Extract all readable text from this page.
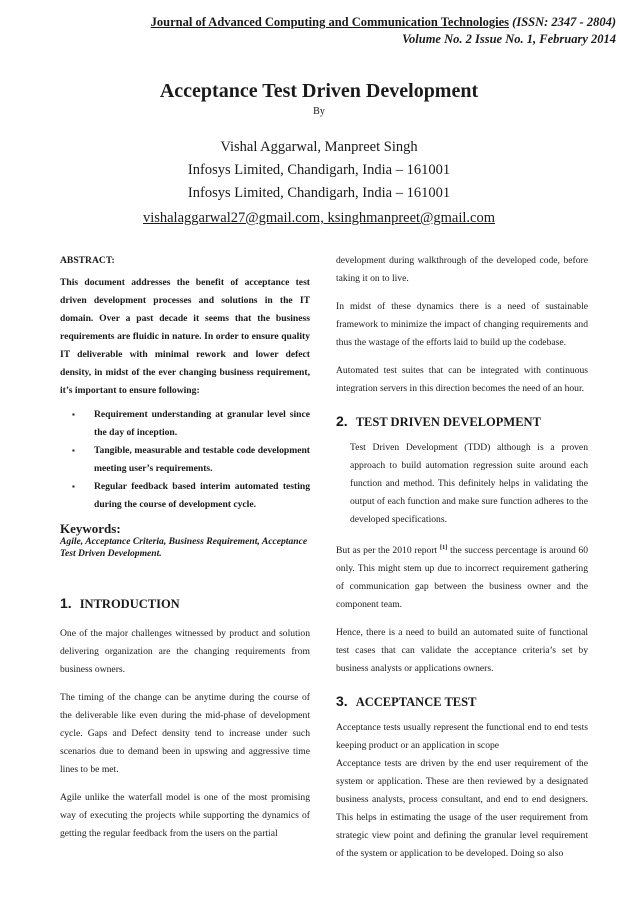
Journal of Advanced Computing and Communication Technologies (ISSN: 2347 - 2804)
Volume No. 2 Issue No. 1, February 2014
Acceptance Test Driven Development
By
Vishal Aggarwal, Manpreet Singh
Infosys Limited, Chandigarh, India – 161001
Infosys Limited, Chandigarh, India – 161001
vishalaggarwal27@gmail.com, ksinghmanpreet@gmail.com
ABSTRACT:
This document addresses the benefit of acceptance test driven development processes and solutions in the IT domain. Over a past decade it seems that the business requirements are fluidic in nature. In order to ensure quality IT deliverable with minimal rework and lower defect density, in midst of the ever changing business requirement, it’s important to ensure following:
▪ Requirement understanding at granular level since the day of inception.
▪ Tangible, measurable and testable code development meeting user’s requirements.
▪ Regular feedback based interim automated testing during the course of development cycle.
Keywords:
Agile, Acceptance Criteria, Business Requirement, Acceptance Test Driven Development.
1. INTRODUCTION

One of the major challenges witnessed by product and solution delivering organization are the changing requirements from business owners.

The timing of the change can be anytime during the course of the deliverable like even during the mid-phase of development cycle. Gaps and Defect density tend to increase under such scenarios due to demand been in upswing and aggressive time lines to be met.

Agile unlike the waterfall model is one of the most promising way of executing the projects while supporting the dynamics of getting the regular feedback from the users on the partial

development during walkthrough of the developed code, before taking it on to live.

In midst of these dynamics there is a need of sustainable framework to minimize the impact of changing requirements and thus the wastage of the efforts laid to build up the codebase.

Automated test suites that can be integrated with continuous integration servers in this direction becomes the need of an hour.

2. TEST DRIVEN DEVELOPMENT

Test Driven Development (TDD) although is a proven approach to build automation regression suite around each function and method. This definitely helps in validating the output of each function and make sure function adheres to the developed specifications.

But as per the 2010 report [1] the success percentage is around 60 only. This might stem up due to incorrect requirement gathering of communication gap between the business owner and the component team.

Hence, there is a need to build an automated suite of functional test cases that can validate the acceptance criteria’s set by business analysts or applications owners.

3. ACCEPTANCE TEST

Acceptance tests usually represent the functional end to end tests keeping product or an application in scope

Acceptance tests are driven by the end user requirement of the system or application. These are then reviewed by a designated business analysts, process consultant, and end to end designers. This helps in estimating the usage of the user requirement from strategic view point and defining the granular level requirement of the system or application to be developed. Doing so also
